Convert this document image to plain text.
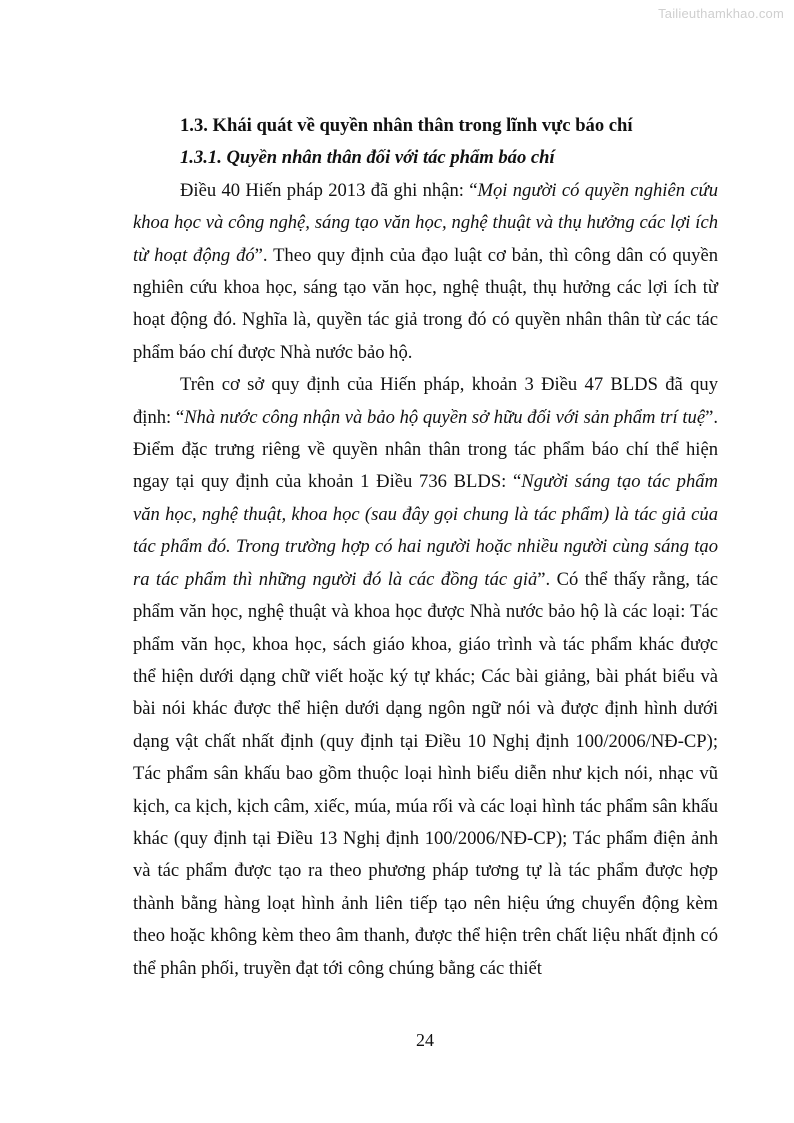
Tailieuthamkhao.com

1.3. Khái quát về quyền nhân thân trong lĩnh vực báo chí

1.3.1. Quyền nhân thân đối với tác phẩm báo chí

Điều 40 Hiến pháp 2013 đã ghi nhận: “Mọi người có quyền nghiên cứu khoa học và công nghệ, sáng tạo văn học, nghệ thuật và thụ hưởng các lợi ích từ hoạt động đó”. Theo quy định của đạo luật cơ bản, thì công dân có quyền nghiên cứu khoa học, sáng tạo văn học, nghệ thuật, thụ hưởng các lợi ích từ hoạt động đó. Nghĩa là, quyền tác giả trong đó có quyền nhân thân từ các tác phẩm báo chí được Nhà nước bảo hộ.

Trên cơ sở quy định của Hiến pháp, khoản 3 Điều 47 BLDS đã quy định: “Nhà nước công nhận và bảo hộ quyền sở hữu đối với sản phẩm trí tuệ”. Điểm đặc trưng riêng về quyền nhân thân trong tác phẩm báo chí thể hiện ngay tại quy định của khoản 1 Điều 736 BLDS: “Người sáng tạo tác phẩm văn học, nghệ thuật, khoa học (sau đây gọi chung là tác phẩm) là tác giả của tác phẩm đó. Trong trường hợp có hai người hoặc nhiều người cùng sáng tạo ra tác phẩm thì những người đó là các đồng tác giả”. Có thể thấy rằng, tác phẩm văn học, nghệ thuật và khoa học được Nhà nước bảo hộ là các loại: Tác phẩm văn học, khoa học, sách giáo khoa, giáo trình và tác phẩm khác được thể hiện dưới dạng chữ viết hoặc ký tự khác; Các bài giảng, bài phát biểu và bài nói khác được thể hiện dưới dạng ngôn ngữ nói và được định hình dưới dạng vật chất nhất định (quy định tại Điều 10 Nghị định 100/2006/NĐ-CP); Tác phẩm sân khấu bao gồm thuộc loại hình biểu diễn như kịch nói, nhạc vũ kịch, ca kịch, kịch câm, xiếc, múa, múa rối và các loại hình tác phẩm sân khấu khác (quy định tại Điều 13 Nghị định 100/2006/NĐ-CP); Tác phẩm điện ảnh và tác phẩm được tạo ra theo phương pháp tương tự là tác phẩm được hợp thành bằng hàng loạt hình ảnh liên tiếp tạo nên hiệu ứng chuyển động kèm theo hoặc không kèm theo âm thanh, được thể hiện trên chất liệu nhất định có thể phân phối, truyền đạt tới công chúng bằng các thiết

24
